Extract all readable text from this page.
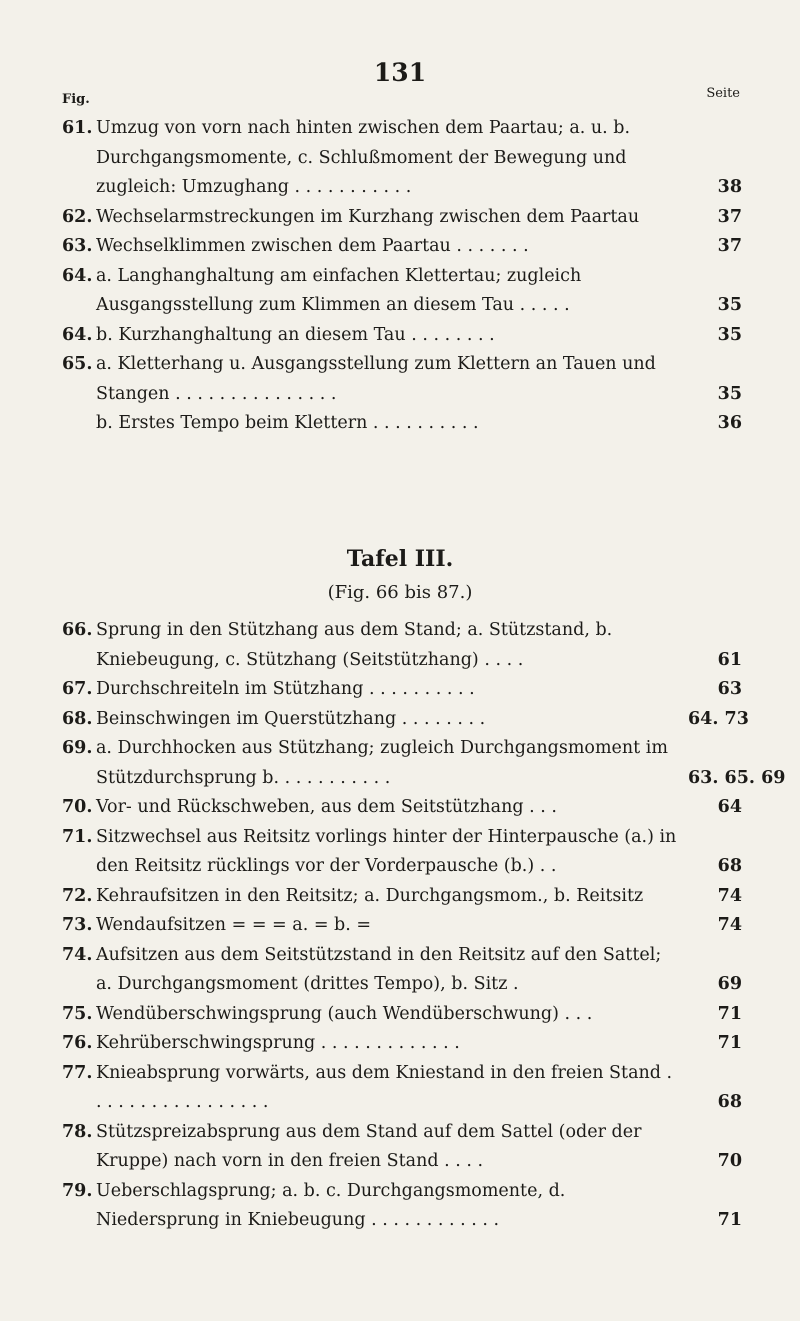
131
Fig.	Seite
61. Umzug von vorn nach hinten zwischen dem Paartau; a. u. b. Durchgangsmomente, c. Schlußmoment der Bewegung und zugleich: Umzughang . . . . . . . . . . .	38
62. Wechselarmstreckungen im Kurzhang zwischen dem Paartau	37
63. Wechselklimmen zwischen dem Paartau . . . . . . .	37
64. a. Langhanghaltung am einfachen Klettertau; zugleich Ausgangsstellung zum Klimmen an diesem Tau . . . . .	35
64. b. Kurzhanghaltung an diesem Tau . . . . . . . .	35
65. a. Kletterhang u. Ausgangsstellung zum Klettern an Tauen und Stangen . . . . . . . . . . . . . . .	35
b. Erstes Tempo beim Klettern . . . . . . . . . .	36
Tafel III.
(Fig. 66 bis 87.)
66. Sprung in den Stützhang aus dem Stand; a. Stützstand, b. Kniebeugung, c. Stützhang (Seitstützhang) . . . .	61
67. Durchschreiteln im Stützhang . . . . . . . . . .	63
68. Beinschwingen im Querstützhang . . . . . . . .	64. 73
69. a. Durchhocken aus Stützhang; zugleich Durchgangsmoment im Stützdurchsprung b. . . . . . . . . . .	63. 65. 69
70. Vor- und Rückschweben, aus dem Seitstützhang . . .	64
71. Sitzwechsel aus Reitsitz vorlings hinter der Hinterpausche (a.) in den Reitsitz rücklings vor der Vorderpausche (b.) . .	68
72. Kehraufsitzen in den Reitsitz; a. Durchgangsmom., b. Reitsitz	74
73. Wendaufsitzen = = = a. = b. =	74
74. Aufsitzen aus dem Seitstützstand in den Reitsitz auf den Sattel; a. Durchgangsmoment (drittes Tempo), b. Sitz .	69
75. Wendüberschwingsprung (auch Wendüberschwung) . . .	71
76. Kehrüberschwingsprung . . . . . . . . . . . . .	71
77. Knieabsprung vorwärts, aus dem Kniestand in den freien Stand . . . . . . . . . . . . . . . . .	68
78. Stützspreizabsprung aus dem Stand auf dem Sattel (oder der Kruppe) nach vorn in den freien Stand . . . .	70
79. Ueberschlagsprung; a. b. c. Durchgangsmomente, d. Niedersprung in Kniebeugung . . . . . . . . . . . .	71
